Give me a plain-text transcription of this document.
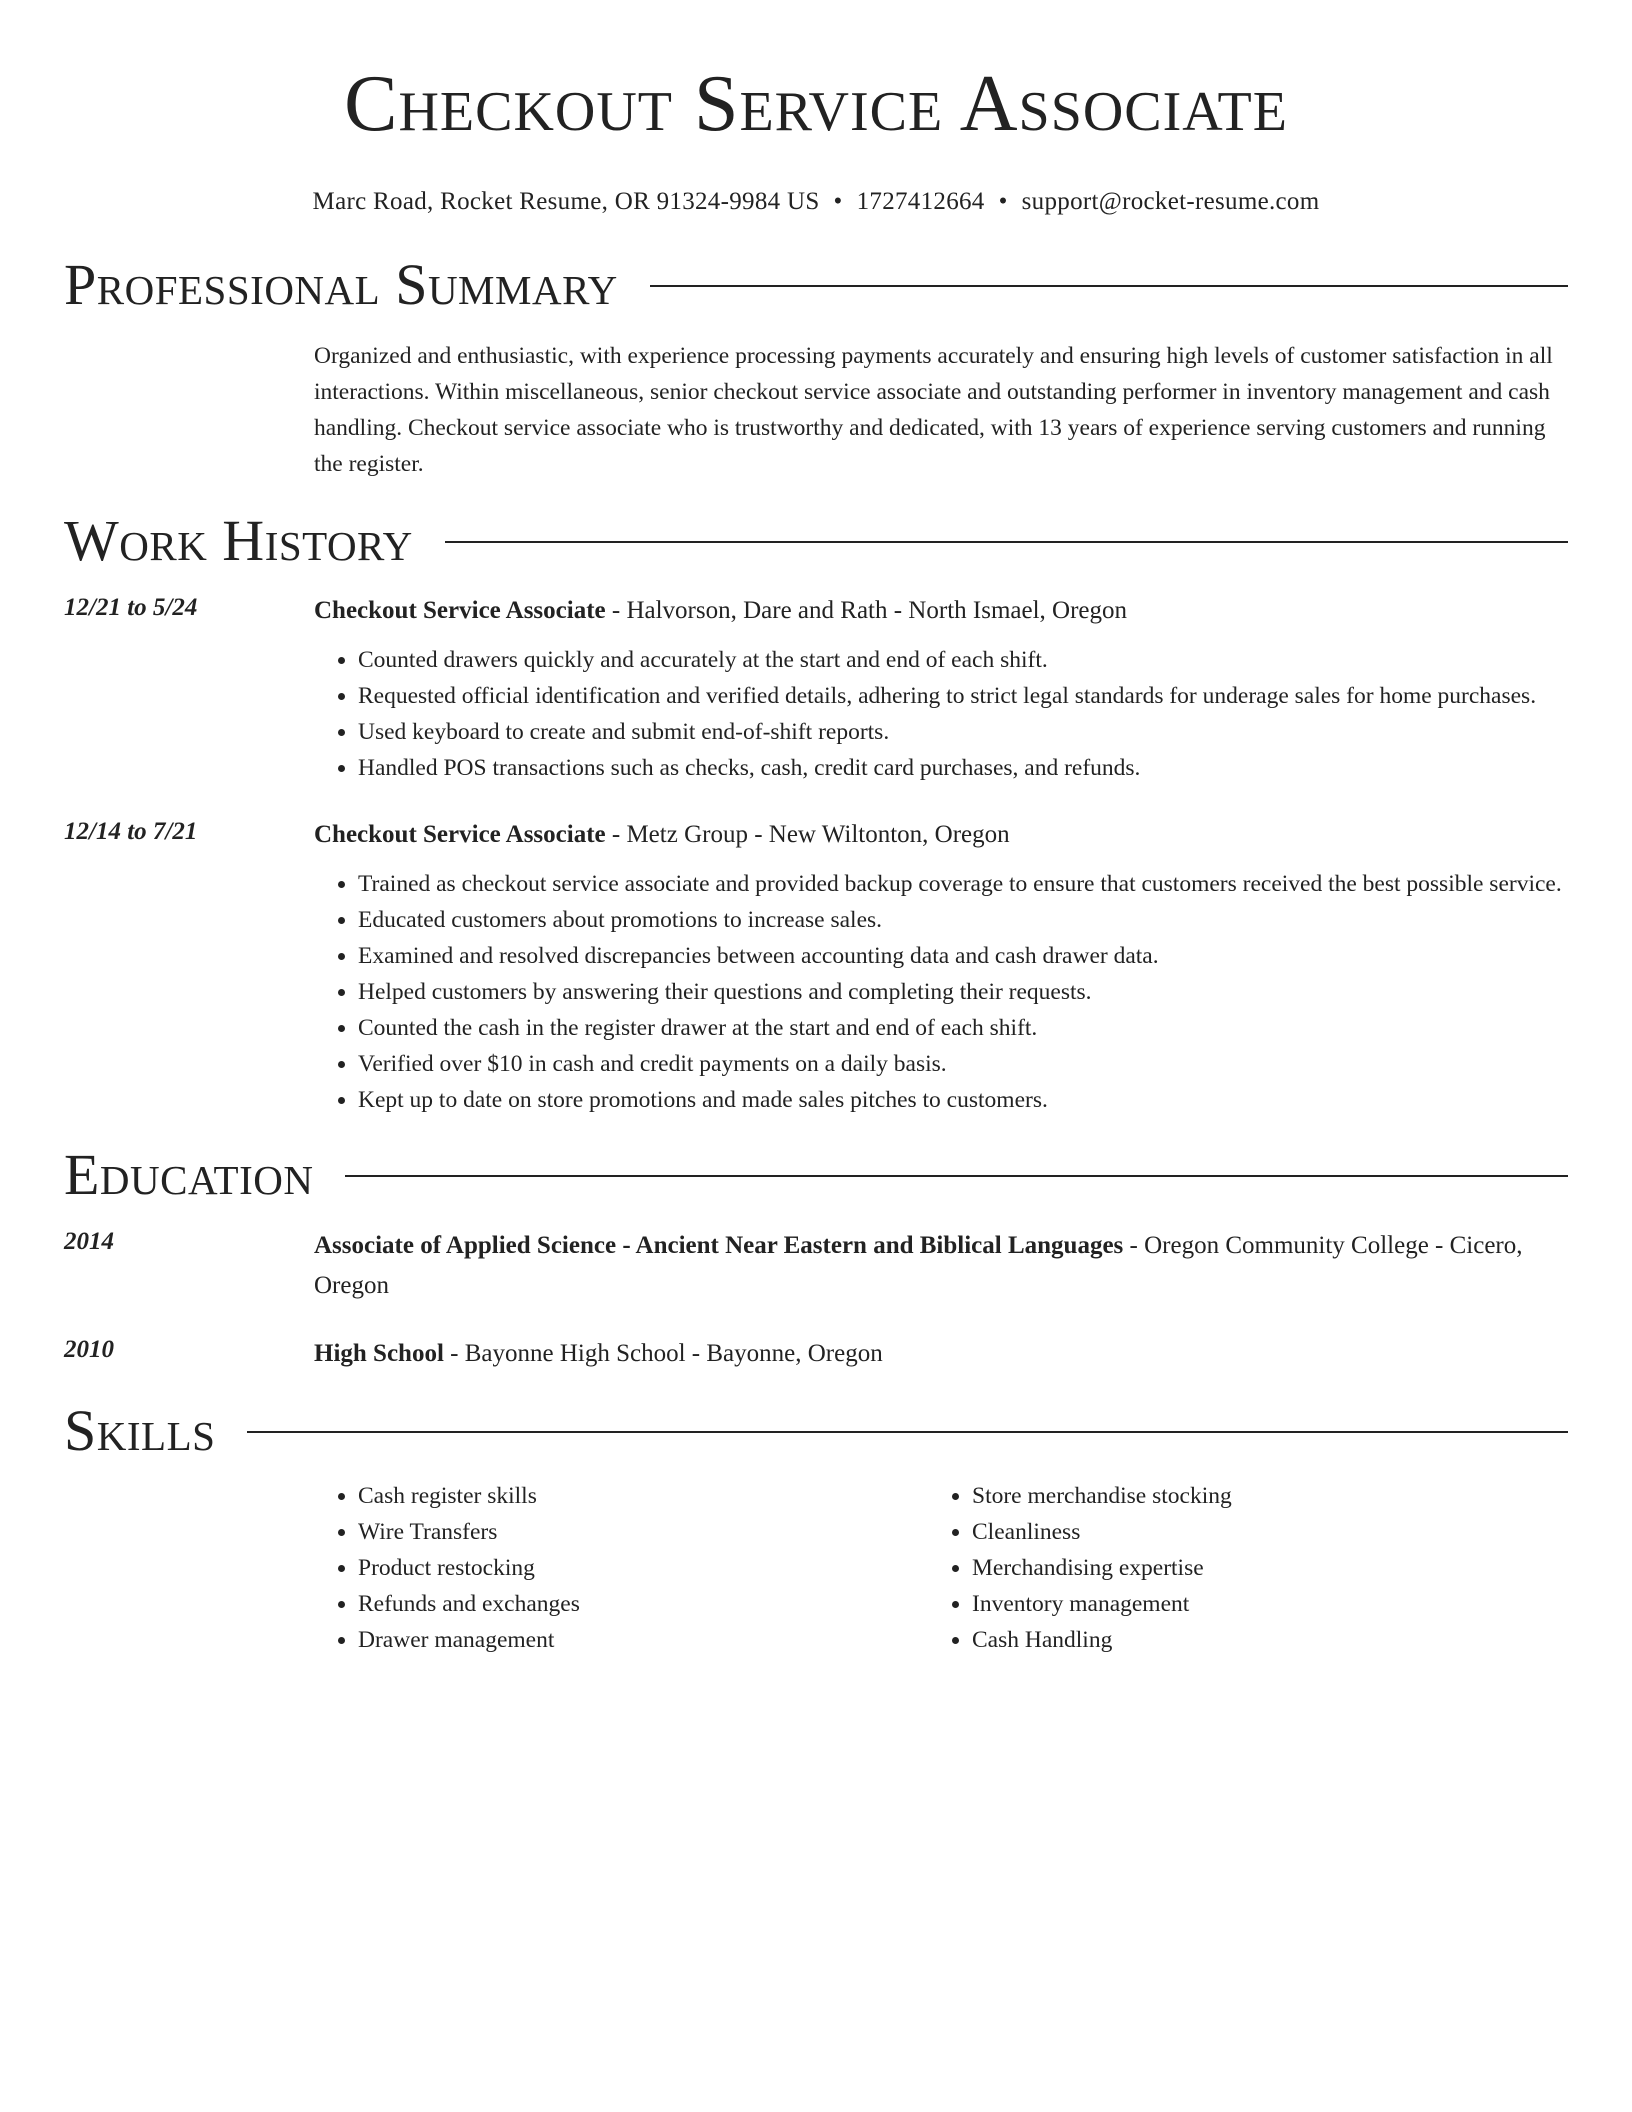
Checkout Service Associate
Marc Road, Rocket Resume, OR 91324-9984 US • 1727412664 • support@rocket-resume.com
Professional Summary
Organized and enthusiastic, with experience processing payments accurately and ensuring high levels of customer satisfaction in all interactions. Within miscellaneous, senior checkout service associate and outstanding performer in inventory management and cash handling. Checkout service associate who is trustworthy and dedicated, with 13 years of experience serving customers and running the register.
Work History
12/21 to 5/24	Checkout Service Associate - Halvorson, Dare and Rath - North Ismael, Oregon
• Counted drawers quickly and accurately at the start and end of each shift.
• Requested official identification and verified details, adhering to strict legal standards for underage sales for home purchases.
• Used keyboard to create and submit end-of-shift reports.
• Handled POS transactions such as checks, cash, credit card purchases, and refunds.
12/14 to 7/21	Checkout Service Associate - Metz Group - New Wiltonton, Oregon
• Trained as checkout service associate and provided backup coverage to ensure that customers received the best possible service.
• Educated customers about promotions to increase sales.
• Examined and resolved discrepancies between accounting data and cash drawer data.
• Helped customers by answering their questions and completing their requests.
• Counted the cash in the register drawer at the start and end of each shift.
• Verified over $10 in cash and credit payments on a daily basis.
• Kept up to date on store promotions and made sales pitches to customers.
Education
2014	Associate of Applied Science - Ancient Near Eastern and Biblical Languages - Oregon Community College - Cicero, Oregon
2010	High School - Bayonne High School - Bayonne, Oregon
Skills
• Cash register skills
• Wire Transfers
• Product restocking
• Refunds and exchanges
• Drawer management
• Store merchandise stocking
• Cleanliness
• Merchandising expertise
• Inventory management
• Cash Handling
